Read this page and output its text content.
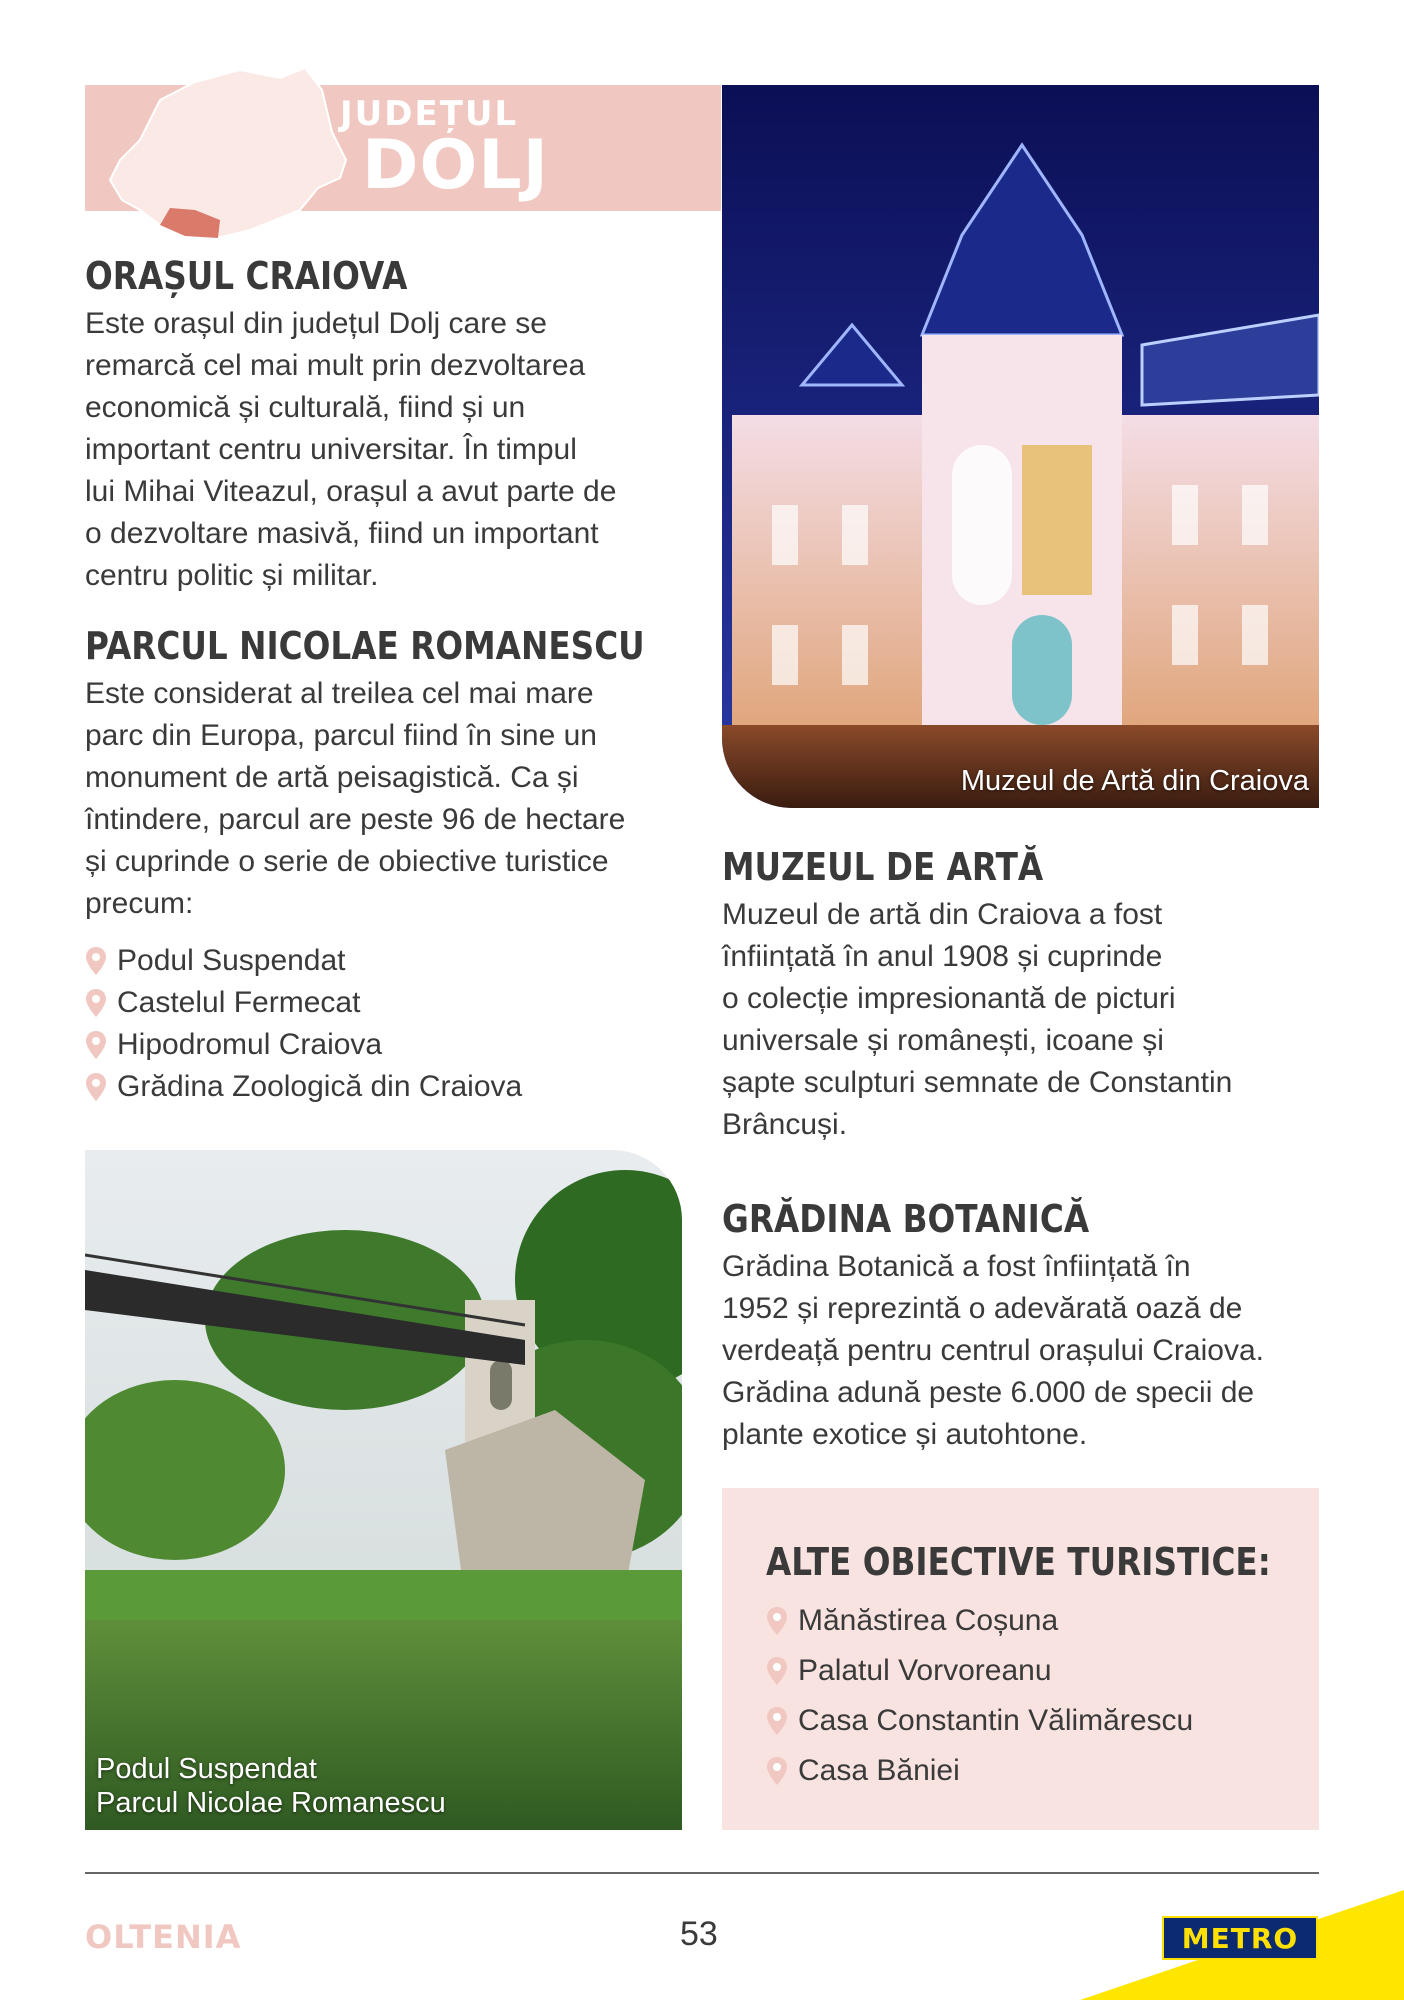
JUDEȚUL
DOLJ
ORAȘUL CRAIOVA
Este orașul din județul Dolj care se
remarcă cel mai mult prin dezvoltarea
economică și culturală, fiind și un
important centru universitar. În timpul
lui Mihai Viteazul, orașul a avut parte de
o dezvoltare masivă, fiind un important
centru politic și militar.
PARCUL NICOLAE ROMANESCU
Este considerat al treilea cel mai mare
parc din Europa, parcul fiind în sine un
monument de artă peisagistică. Ca și
întindere, parcul are peste 96 de hectare
și cuprinde o serie de obiective turistice
precum:
Podul Suspendat
Castelul Fermecat
Hipodromul Craiova
Grădina Zoologică din Craiova
Muzeul de Artă din Craiova
MUZEUL DE ARTĂ
Muzeul de artă din Craiova a fost
înființată în anul 1908 și cuprinde
o colecție impresionantă de picturi
universale și românești, icoane și
șapte sculpturi semnate de Constantin
Brâncuși.
GRĂDINA BOTANICĂ
Grădina Botanică a fost înființată în
1952 și reprezintă o adevărată oază de
verdeață pentru centrul orașului Craiova.
Grădina adună peste 6.000 de specii de
plante exotice și autohtone.
Podul Suspendat
Parcul Nicolae Romanescu
ALTE OBIECTIVE TURISTICE:
Mănăstirea Coșuna
Palatul Vorvoreanu
Casa Constantin Vălimărescu
Casa Băniei
OLTENIA	53	METRO
